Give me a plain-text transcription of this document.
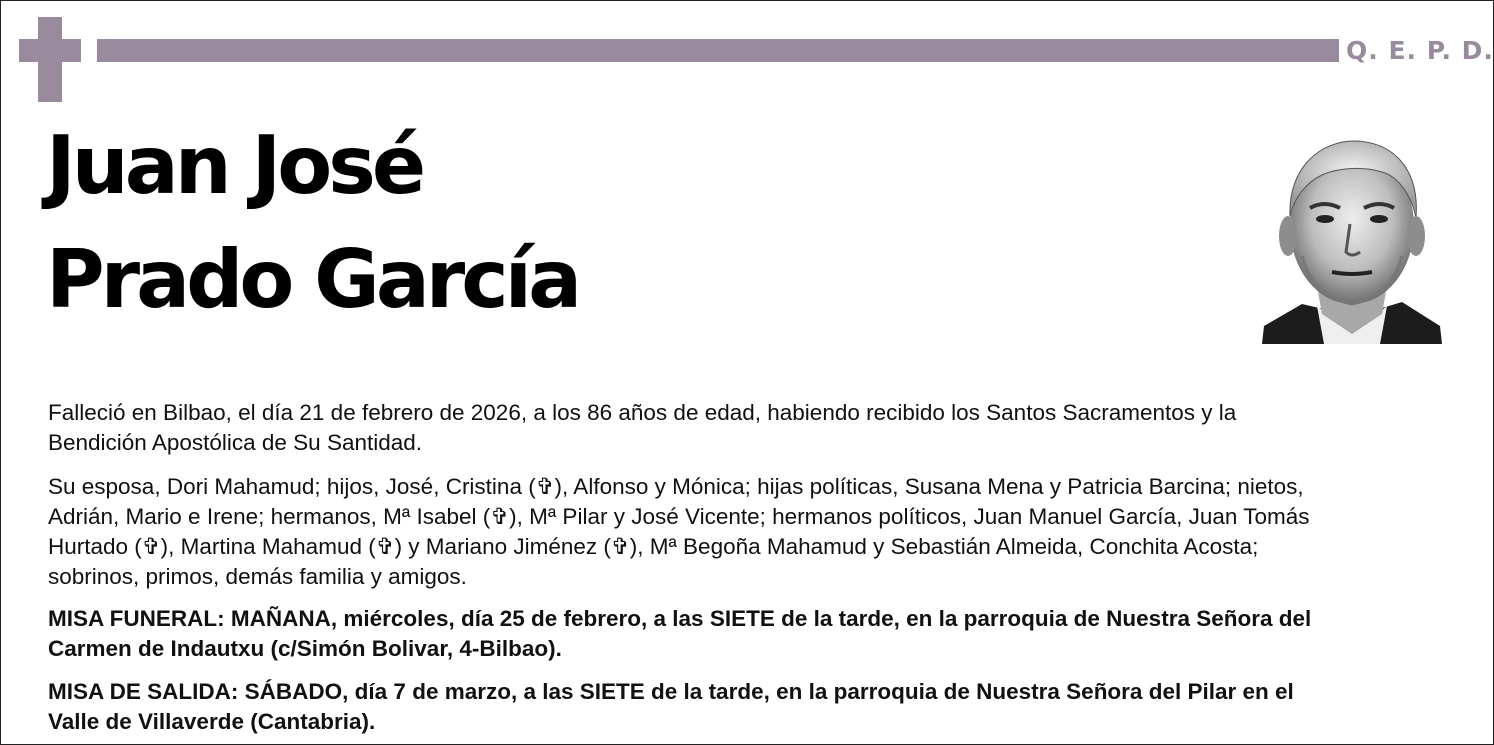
Q. E. P. D.
Juan José
Prado García
Falleció en Bilbao, el día 21 de febrero de 2026, a los 86 años de edad, habiendo recibido los Santos Sacramentos y la
Bendición Apostólica de Su Santidad.
Su esposa, Dori Mahamud; hijos, José, Cristina (✞), Alfonso y Mónica; hijas políticas, Susana Mena y Patricia Barcina; nietos,
Adrián, Mario e Irene; hermanos, Mª Isabel (✞), Mª Pilar y José Vicente; hermanos políticos, Juan Manuel García, Juan Tomás
Hurtado (✞), Martina Mahamud (✞) y Mariano Jiménez (✞), Mª Begoña Mahamud y Sebastián Almeida, Conchita Acosta;
sobrinos, primos, demás familia y amigos.
MISA FUNERAL: MAÑANA, miércoles, día 25 de febrero, a las SIETE de la tarde, en la parroquia de Nuestra Señora del
Carmen de Indautxu (c/Simón Bolivar, 4-Bilbao).
MISA DE SALIDA: SÁBADO, día 7 de marzo, a las SIETE de la tarde, en la parroquia de Nuestra Señora del Pilar en el
Valle de Villaverde (Cantabria).
